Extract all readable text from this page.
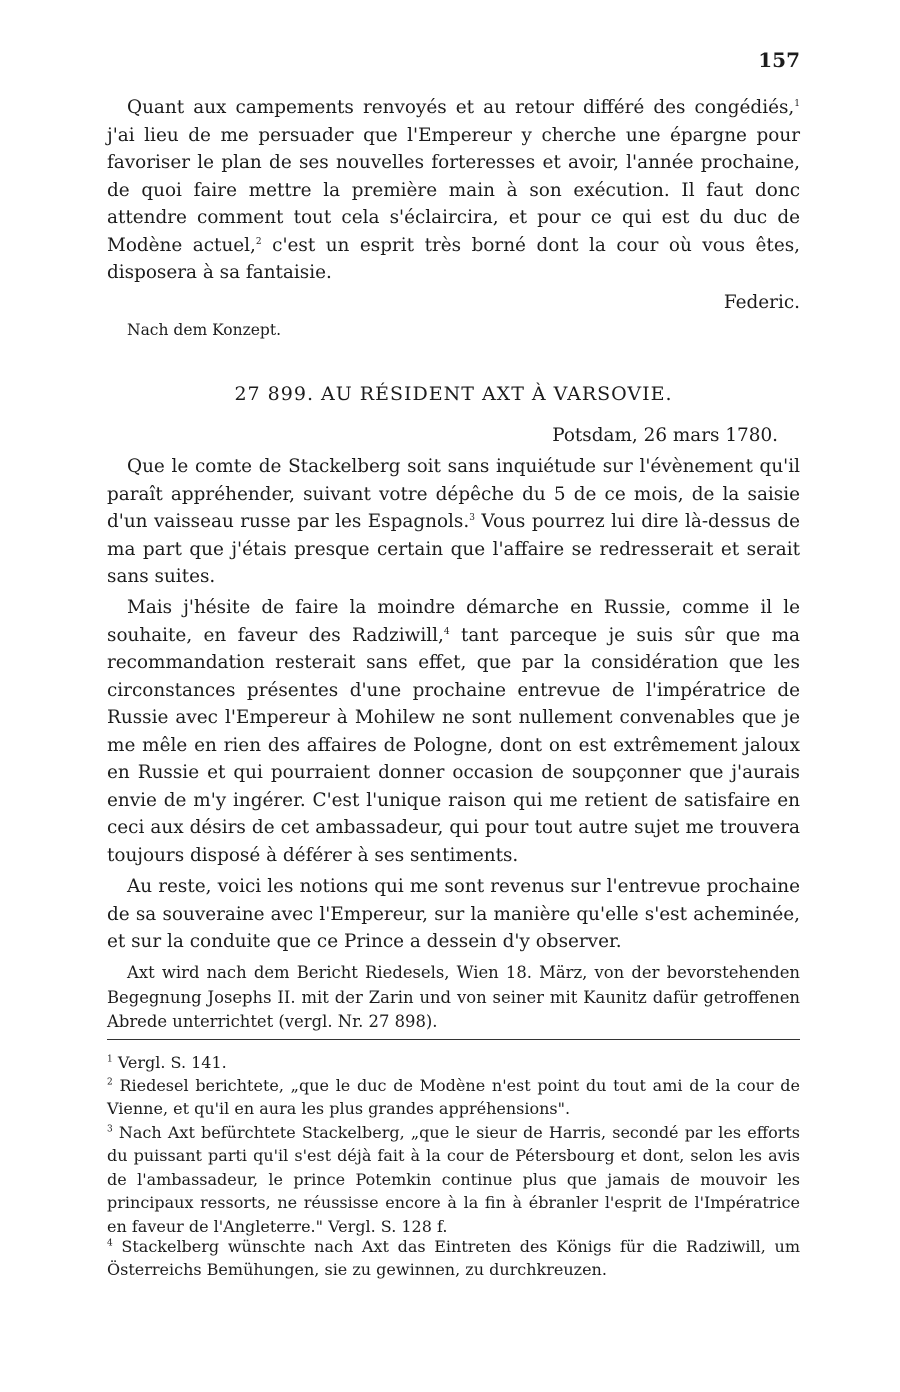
157

Quant aux campements renvoyés et au retour différé des congédiés,$^1$ j'ai lieu de me persuader que l'Empereur y cherche une épargne pour favoriser le plan de ses nouvelles forteresses et avoir, l'année prochaine, de quoi faire mettre la première main à son exécution. Il faut donc attendre comment tout cela s'éclaircira, et pour ce qui est du duc de Modène actuel,$^2$ c'est un esprit très borné dont la cour où vous êtes, disposera à sa fantaisie.

Federic.

Nach dem Konzept.

27 899. AU RÉSIDENT AXT À VARSOVIE.

Potsdam, 26 mars 1780.

Que le comte de Stackelberg soit sans inquiétude sur l'évènement qu'il paraît appréhender, suivant votre dépêche du 5 de ce mois, de la saisie d'un vaisseau russe par les Espagnols.$^3$ Vous pourrez lui dire là-dessus de ma part que j'étais presque certain que l'affaire se redresserait et serait sans suites.

Mais j'hésite de faire la moindre démarche en Russie, comme il le souhaite, en faveur des Radziwill,$^4$ tant parceque je suis sûr que ma recommandation resterait sans effet, que par la considération que les circonstances présentes d'une prochaine entrevue de l'impératrice de Russie avec l'Empereur à Mohilew ne sont nullement convenables que je me mêle en rien des affaires de Pologne, dont on est extrêmement jaloux en Russie et qui pourraient donner occasion de soupçonner que j'aurais envie de m'y ingérer. C'est l'unique raison qui me retient de satisfaire en ceci aux désirs de cet ambassadeur, qui pour tout autre sujet me trouvera toujours disposé à déférer à ses sentiments.

Au reste, voici les notions qui me sont revenus sur l'entrevue prochaine de sa souveraine avec l'Empereur, sur la manière qu'elle s'est acheminée, et sur la conduite que ce Prince a dessein d'y observer.

Axt wird nach dem Bericht Riedesels, Wien 18. März, von der bevorstehenden Begegnung Josephs II. mit der Zarin und von seiner mit Kaunitz dafür getroffenen Abrede unterrichtet (vergl. Nr. 27 898).

$^1$ Vergl. S. 141.

$^2$ Riedesel berichtete, „que le duc de Modène n'est point du tout ami de la cour de Vienne, et qu'il en aura les plus grandes appréhensions".

$^3$ Nach Axt befürchtete Stackelberg, „que le sieur de Harris, secondé par les efforts du puissant parti qu'il s'est déjà fait à la cour de Pétersbourg et dont, selon les avis de l'ambassadeur, le prince Potemkin continue plus que jamais de mouvoir les principaux ressorts, ne réussisse encore à la fin à ébranler l'esprit de l'Impératrice en faveur de l'Angleterre." Vergl. S. 128 f.

$^4$ Stackelberg wünschte nach Axt das Eintreten des Königs für die Radziwill, um Österreichs Bemühungen, sie zu gewinnen, zu durchkreuzen.
